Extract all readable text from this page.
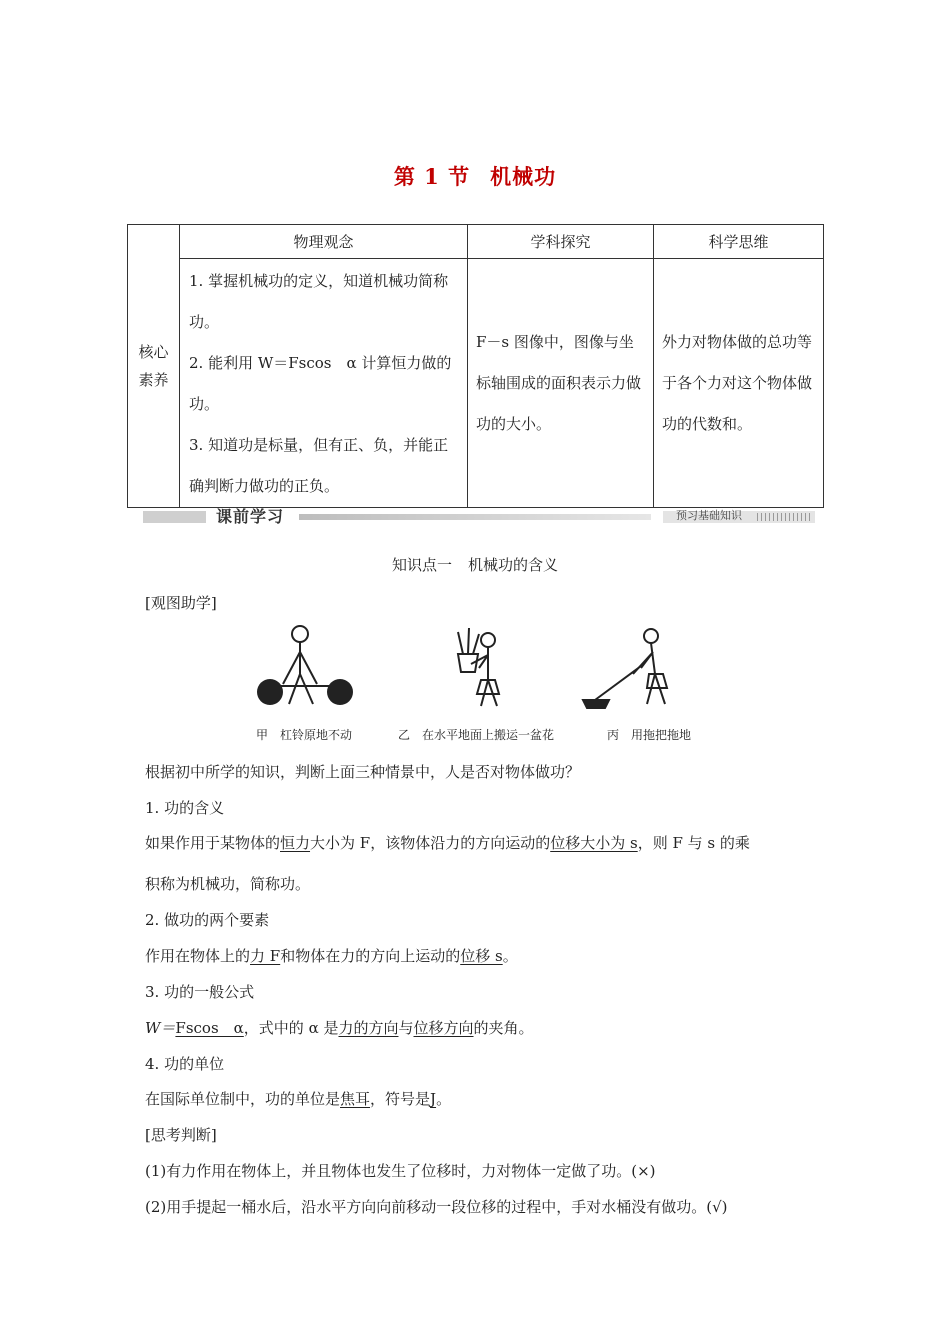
第 1 节 机械功
核心素养	物理观念	学科探究	科学思维

	1. 掌握机械功的定义，知道机械功简称功。
2. 能利用 W＝Fscos　α 计算恒力做的功。
3. 知道功是标量，但有正、负，并能正确判断力做功的正负。	F－s 图像中，图像与坐标轴围成的面积表示力做功的大小。	外力对物体做的总功等于各个力对这个物体做功的代数和。
课前学习	预习基础知识
知识点一 机械功的含义
[观图助学]
甲　杠铃原地不动	乙　在水平地面上搬运一盆花	丙　用拖把拖地
根据初中所学的知识，判断上面三种情景中，人是否对物体做功？
1. 功的含义
如果作用于某物体的恒力大小为 F，该物体沿力的方向运动的位移大小为 s，则 F 与 s 的乘
积称为机械功，简称功。
2. 做功的两个要素
作用在物体上的力 F和物体在力的方向上运动的位移 s。
3. 功的一般公式
W＝Fscos　α，式中的 α 是力的方向与位移方向的夹角。
4. 功的单位
在国际单位制中，功的单位是焦耳，符号是J。
[思考判断]
(1)有力作用在物体上，并且物体也发生了位移时，力对物体一定做了功。(×)
(2)用手提起一桶水后，沿水平方向向前移动一段位移的过程中，手对水桶没有做功。(√)
